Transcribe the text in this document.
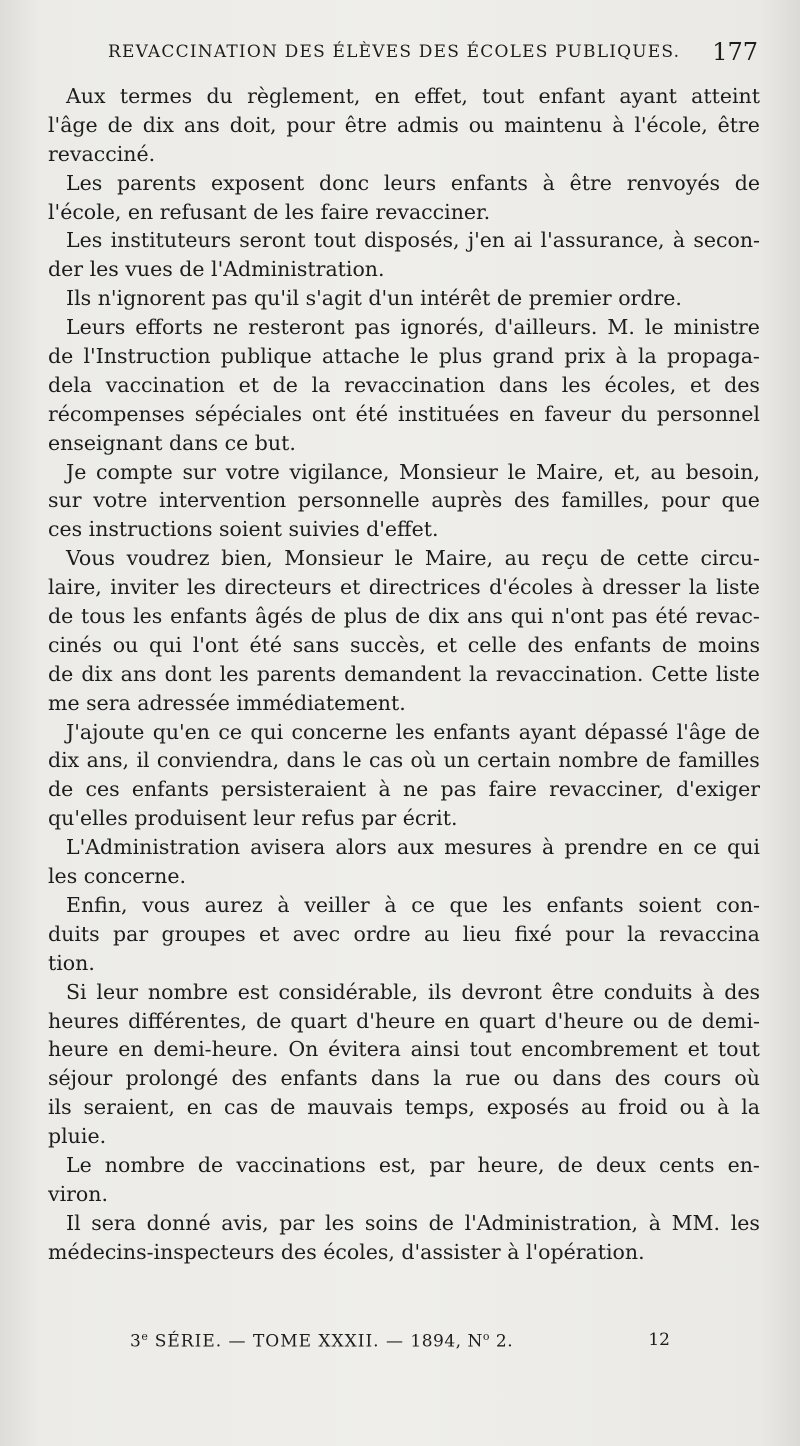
REVACCINATION DES ÉLÈVES DES ÉCOLES PUBLIQUES. 177
Aux termes du règlement, en effet, tout enfant ayant atteint
l'âge de dix ans doit, pour être admis ou maintenu à l'école, être
revacciné.
Les parents exposent donc leurs enfants à être renvoyés de
l'école, en refusant de les faire revacciner.
Les instituteurs seront tout disposés, j'en ai l'assurance, à secon-
der les vues de l'Administration.
Ils n'ignorent pas qu'il s'agit d'un intérêt de premier ordre.
Leurs efforts ne resteront pas ignorés, d'ailleurs. M. le ministre
de l'Instruction publique attache le plus grand prix à la propaga-
dela vaccination et de la revaccination dans les écoles, et des
récompenses sépéciales ont été instituées en faveur du personnel
enseignant dans ce but.
Je compte sur votre vigilance, Monsieur le Maire, et, au besoin,
sur votre intervention personnelle auprès des familles, pour que
ces instructions soient suivies d'effet.
Vous voudrez bien, Monsieur le Maire, au reçu de cette circu-
laire, inviter les directeurs et directrices d'écoles à dresser la liste
de tous les enfants âgés de plus de dix ans qui n'ont pas été revac-
cinés ou qui l'ont été sans succès, et celle des enfants de moins
de dix ans dont les parents demandent la revaccination. Cette liste
me sera adressée immédiatement.
J'ajoute qu'en ce qui concerne les enfants ayant dépassé l'âge de
dix ans, il conviendra, dans le cas où un certain nombre de familles
de ces enfants persisteraient à ne pas faire revacciner, d'exiger
qu'elles produisent leur refus par écrit.
L'Administration avisera alors aux mesures à prendre en ce qui
les concerne.
Enfin, vous aurez à veiller à ce que les enfants soient con-
duits par groupes et avec ordre au lieu fixé pour la revaccina
tion.
Si leur nombre est considérable, ils devront être conduits à des
heures différentes, de quart d'heure en quart d'heure ou de demi-
heure en demi-heure. On évitera ainsi tout encombrement et tout
séjour prolongé des enfants dans la rue ou dans des cours où
ils seraient, en cas de mauvais temps, exposés au froid ou à la
pluie.
Le nombre de vaccinations est, par heure, de deux cents en-
viron.
Il sera donné avis, par les soins de l'Administration, à MM. les
médecins-inspecteurs des écoles, d'assister à l'opération.
3e SÉRIE. — TOME XXXII. — 1894, $N^o$ 2.	12
